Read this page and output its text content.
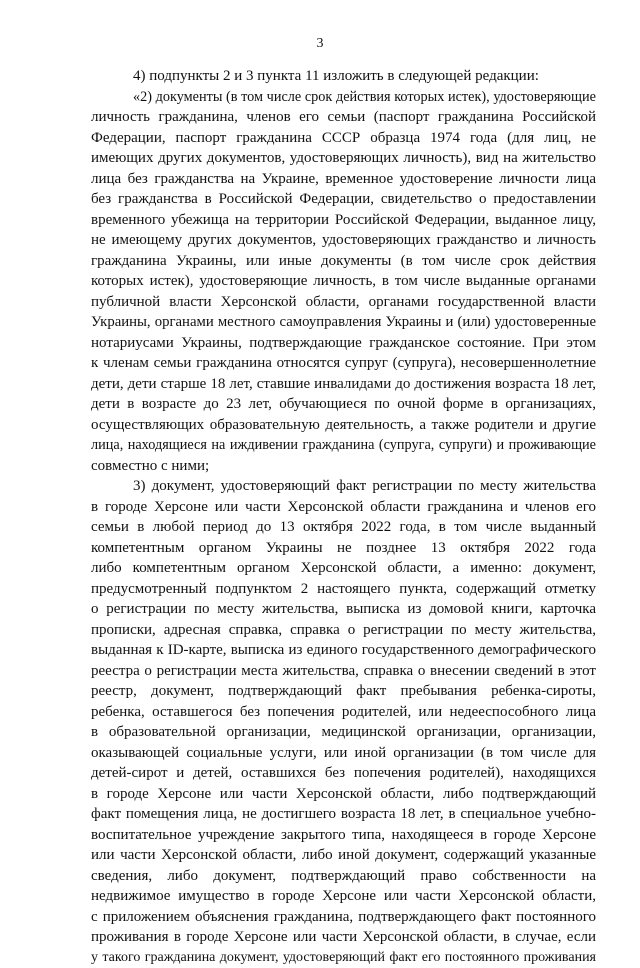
3
4) подпункты 2 и 3 пункта 11 изложить в следующей редакции:
«2) документы (в том числе срок действия которых истек), удостоверяющие
личность гражданина, членов его семьи (паспорт гражданина Российской
Федерации, паспорт гражданина СССР образца 1974 года (для лиц, не
имеющих других документов, удостоверяющих личность), вид на жительство
лица без гражданства на Украине, временное удостоверение личности лица
без гражданства в Российской Федерации, свидетельство о предоставлении
временного убежища на территории Российской Федерации, выданное лицу,
не имеющему других документов, удостоверяющих гражданство и личность
гражданина Украины, или иные документы (в том числе срок действия
которых истек), удостоверяющие личность, в том числе выданные органами
публичной власти Херсонской области, органами государственной власти
Украины, органами местного самоуправления Украины и (или) удостоверенные
нотариусами Украины, подтверждающие гражданское состояние. При этом
к членам семьи гражданина относятся супруг (супруга), несовершеннолетние
дети, дети старше 18 лет, ставшие инвалидами до достижения возраста 18 лет,
дети в возрасте до 23 лет, обучающиеся по очной форме в организациях,
осуществляющих образовательную деятельность, а также родители и другие
лица, находящиеся на иждивении гражданина (супруга, супруги) и проживающие
совместно с ними;
3) документ, удостоверяющий факт регистрации по месту жительства
в городе Херсоне или части Херсонской области гражданина и членов его
семьи в любой период до 13 октября 2022 года, в том числе выданный
компетентным органом Украины не позднее 13 октября 2022 года
либо компетентным органом Херсонской области, а именно: документ,
предусмотренный подпунктом 2 настоящего пункта, содержащий отметку
о регистрации по месту жительства, выписка из домовой книги, карточка
прописки, адресная справка, справка о регистрации по месту жительства,
выданная к ID-карте, выписка из единого государственного демографического
реестра о регистрации места жительства, справка о внесении сведений в этот
реестр, документ, подтверждающий факт пребывания ребенка-сироты,
ребенка, оставшегося без попечения родителей, или недееспособного лица
в образовательной организации, медицинской организации, организации,
оказывающей социальные услуги, или иной организации (в том числе для
детей-сирот и детей, оставшихся без попечения родителей), находящихся
в городе Херсоне или части Херсонской области, либо подтверждающий
факт помещения лица, не достигшего возраста 18 лет, в специальное учебно-
воспитательное учреждение закрытого типа, находящееся в городе Херсоне
или части Херсонской области, либо иной документ, содержащий указанные
сведения, либо документ, подтверждающий право собственности на
недвижимое имущество в городе Херсоне или части Херсонской области,
с приложением объяснения гражданина, подтверждающего факт постоянного
проживания в городе Херсоне или части Херсонской области, в случае, если
у такого гражданина документ, удостоверяющий факт его постоянного проживания
